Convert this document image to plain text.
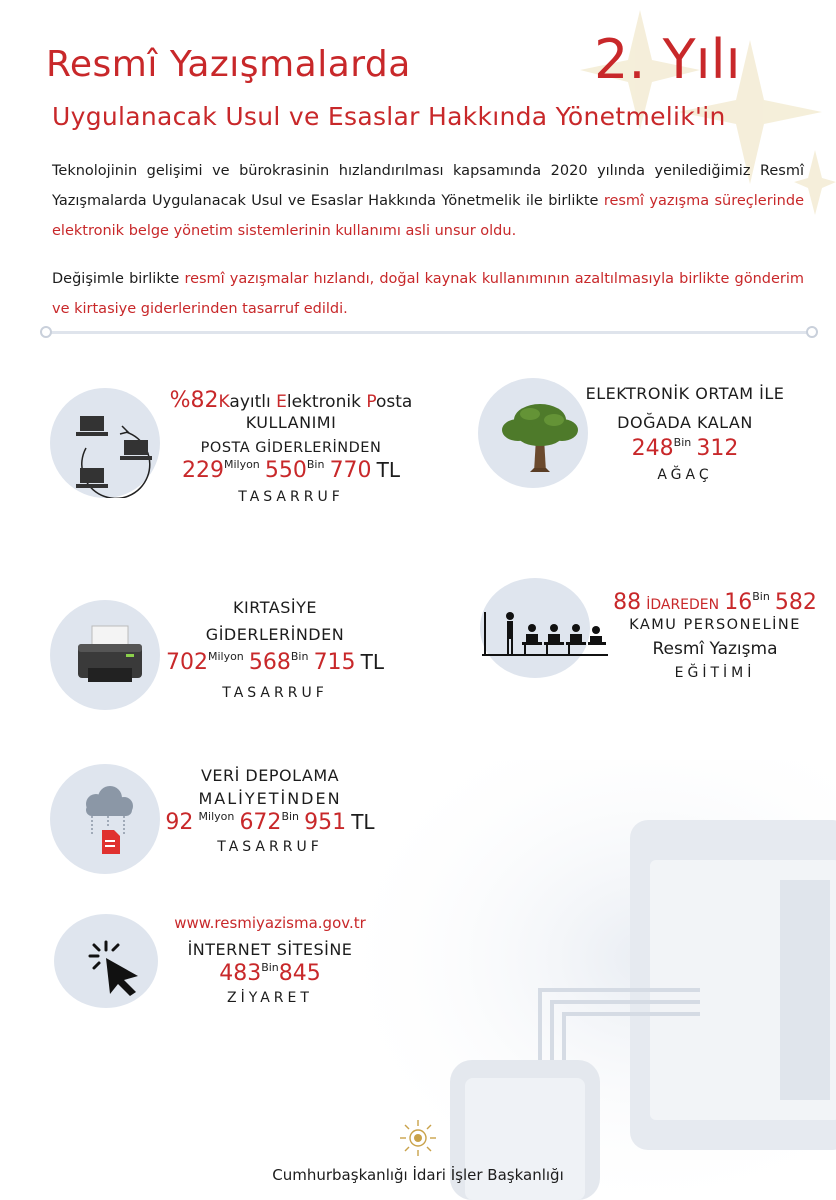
Resmî Yazışmalarda	2. Yılı
Uygulanacak Usul ve Esaslar Hakkında Yönetmelik'in
Teknolojinin gelişimi ve bürokrasinin hızlandırılması kapsamında 2020 yılında yenilediğimiz Resmî Yazışmalarda Uygulanacak Usul ve Esaslar Hakkında Yönetmelik ile birlikte resmî yazışma süreçlerinde elektronik belge yönetim sistemlerinin kullanımı asli unsur oldu.
Değişimle birlikte resmî yazışmalar hızlandı, doğal kaynak kullanımının azaltılmasıyla birlikte gönderim ve kirtasiye giderlerinden tasarruf edildi.
%82Kayıtlı Elektronik Posta
KULLANIMI
POSTA GİDERLERİNDEN
$229^{Milyon}$ $550^{Bin}$ 770 TL
TASARRUF
ELEKTRONİK ORTAM İLE
DOĞADA KALAN
$248^{Bin}$ 312
AĞAÇ
KIRTASİYE
GİDERLERİNDEN
$702^{Milyon}$ $568^{Bin}$ 715 TL
TASARRUF
88 İDAREDEN $16^{Bin}$ 582
KAMU PERSONELİNE
Resmî Yazışma
EĞİTİMİ
VERİ DEPOLAMA
MALİYETİNDEN
92 $^{Milyon}$ $672^{Bin}$ 951 TL
TASARRUF
www.resmiyazisma.gov.tr
İNTERNET SİTESİNE
$483^{Bin}845$
ZİYARET
Cumhurbaşkanlığı İdari İşler Başkanlığı
